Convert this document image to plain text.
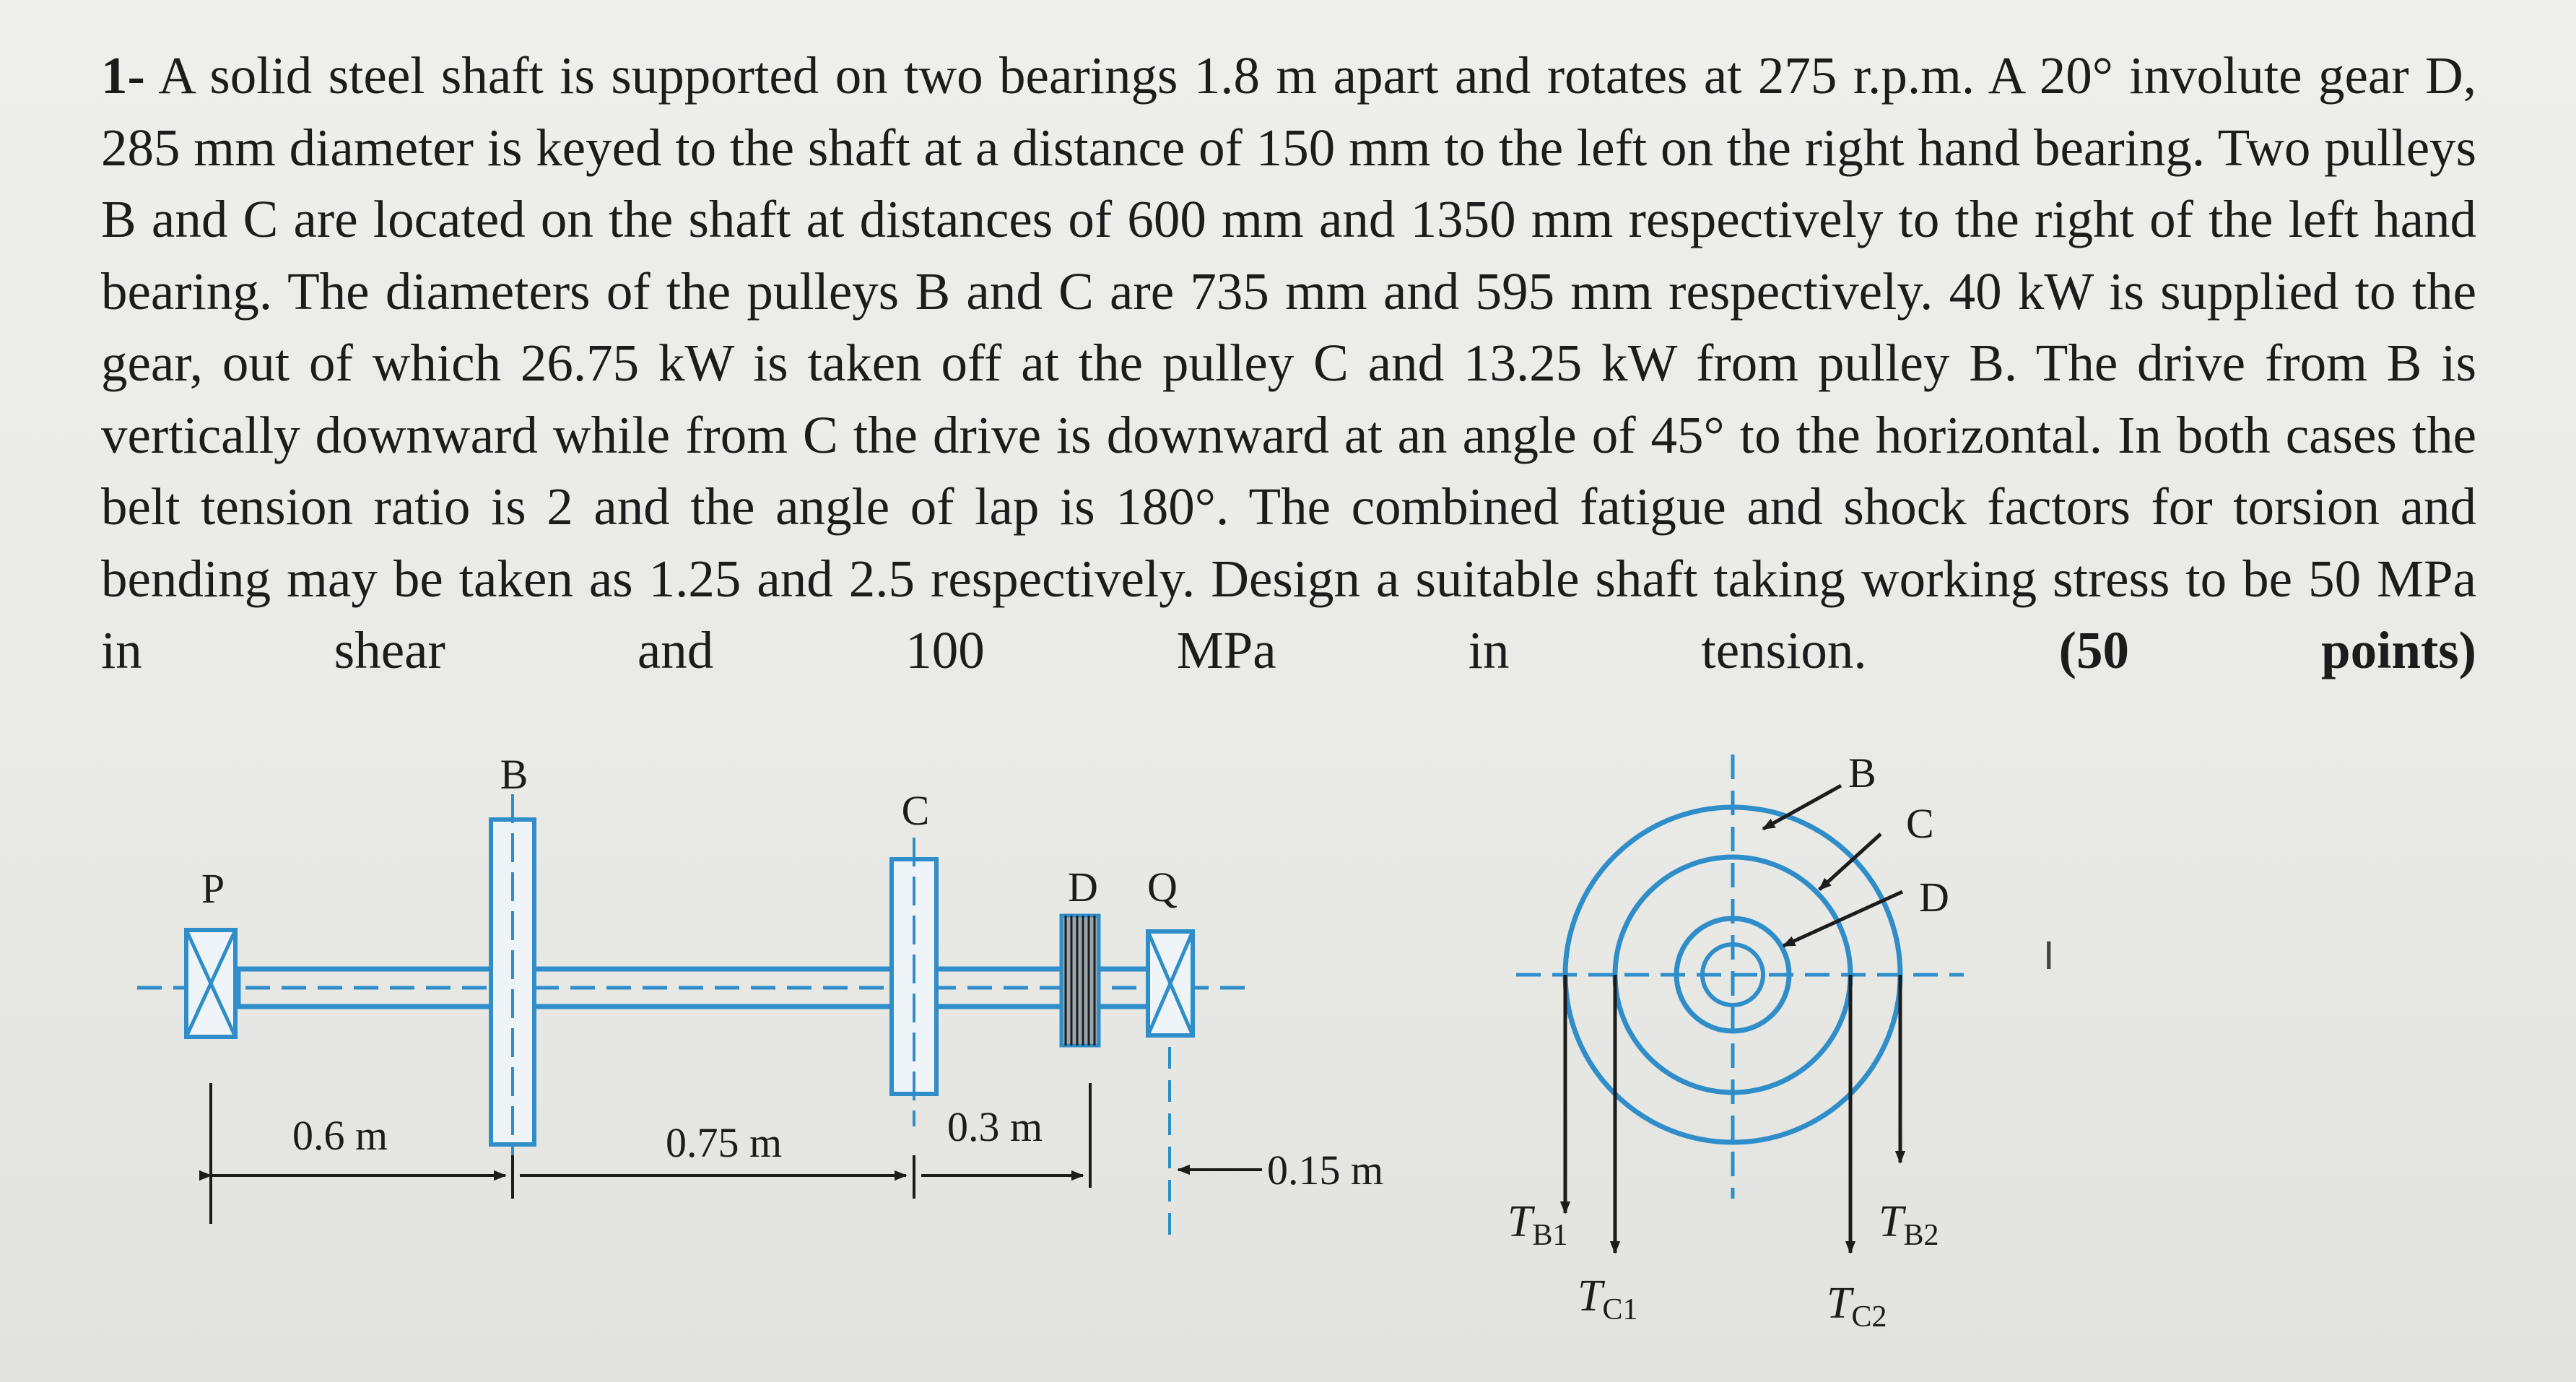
1- A solid steel shaft is supported on two bearings 1.8 m apart and rotates at 275 r.p.m. A 20° involute gear D, 285 mm diameter is keyed to the shaft at a distance of 150 mm to the left on the right hand bearing. Two pulleys B and C are located on the shaft at distances of 600 mm and 1350 mm respectively to the right of the left hand bearing. The diameters of the pulleys B and C are 735 mm and 595 mm respectively. 40 kW is supplied to the gear, out of which 26.75 kW is taken off at the pulley C and 13.25 kW from pulley B. The drive from B is vertically downward while from C the drive is downward at an angle of 45° to the horizontal. In both cases the belt tension ratio is 2 and the angle of lap is 180°. The combined fatigue and shock factors for torsion and bending may be taken as 1.25 and 2.5 respectively. Design a suitable shaft taking working stress to be 50 MPa in shear and 100 MPa in tension.	(50 points)

P
B
C
D Q
0.6 m	0.75 m	0.3 m
0.15 m
B
C
D
TB1
TC1
TB2
TC2
I
